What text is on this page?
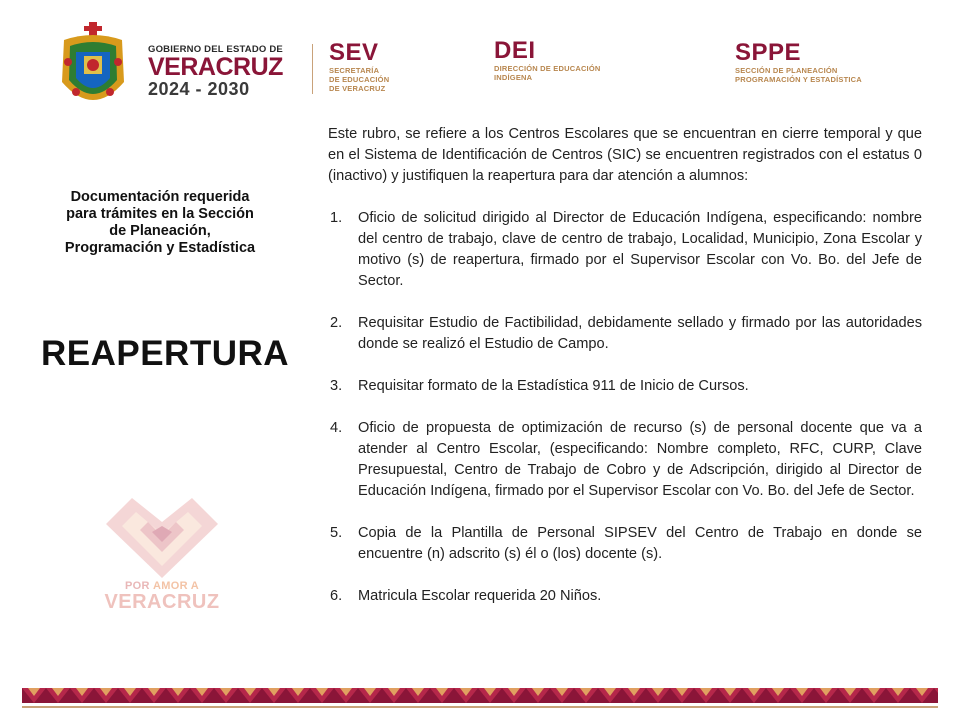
GOBIERNO DEL ESTADO DE
VERACRUZ
2024 - 2030
SEV
SECRETARÍA
DE EDUCACIÓN
DE VERACRUZ
DEI
DIRECCIÓN DE EDUCACIÓN
INDÍGENA
SPPE
SECCIÓN DE PLANEACIÓN
PROGRAMACIÓN Y ESTADÍSTICA
Documentación requerida
para trámites en la Sección
de Planeación,
Programación y Estadística
REAPERTURA
POR AMOR A
VERACRUZ

Este rubro, se refiere a los Centros Escolares que se encuentran en cierre temporal y que en el Sistema de Identificación de Centros (SIC) se encuentren registrados con el estatus 0 (inactivo) y justifiquen la reapertura para dar atención a alumnos:

1. Oficio de solicitud dirigido al Director de Educación Indígena, especificando: nombre del centro de trabajo, clave de centro de trabajo, Localidad, Municipio, Zona Escolar y motivo (s) de reapertura, firmado por el Supervisor Escolar con Vo. Bo. del Jefe de Sector.
2. Requisitar Estudio de Factibilidad, debidamente sellado y firmado por las autoridades donde se realizó el Estudio de Campo.
3. Requisitar formato de la Estadística 911 de Inicio de Cursos.
4. Oficio de propuesta de optimización de recurso (s) de personal docente que va a atender al Centro Escolar, (especificando: Nombre completo, RFC, CURP, Clave Presupuestal, Centro de Trabajo de Cobro y de Adscripción, dirigido al Director de Educación Indígena, firmado por el Supervisor Escolar con Vo. Bo. del Jefe de Sector.
5. Copia de la Plantilla de Personal SIPSEV del Centro de Trabajo en donde se encuentre (n) adscrito (s) él o (los) docente (s).
6. Matricula Escolar requerida 20 Niños.
